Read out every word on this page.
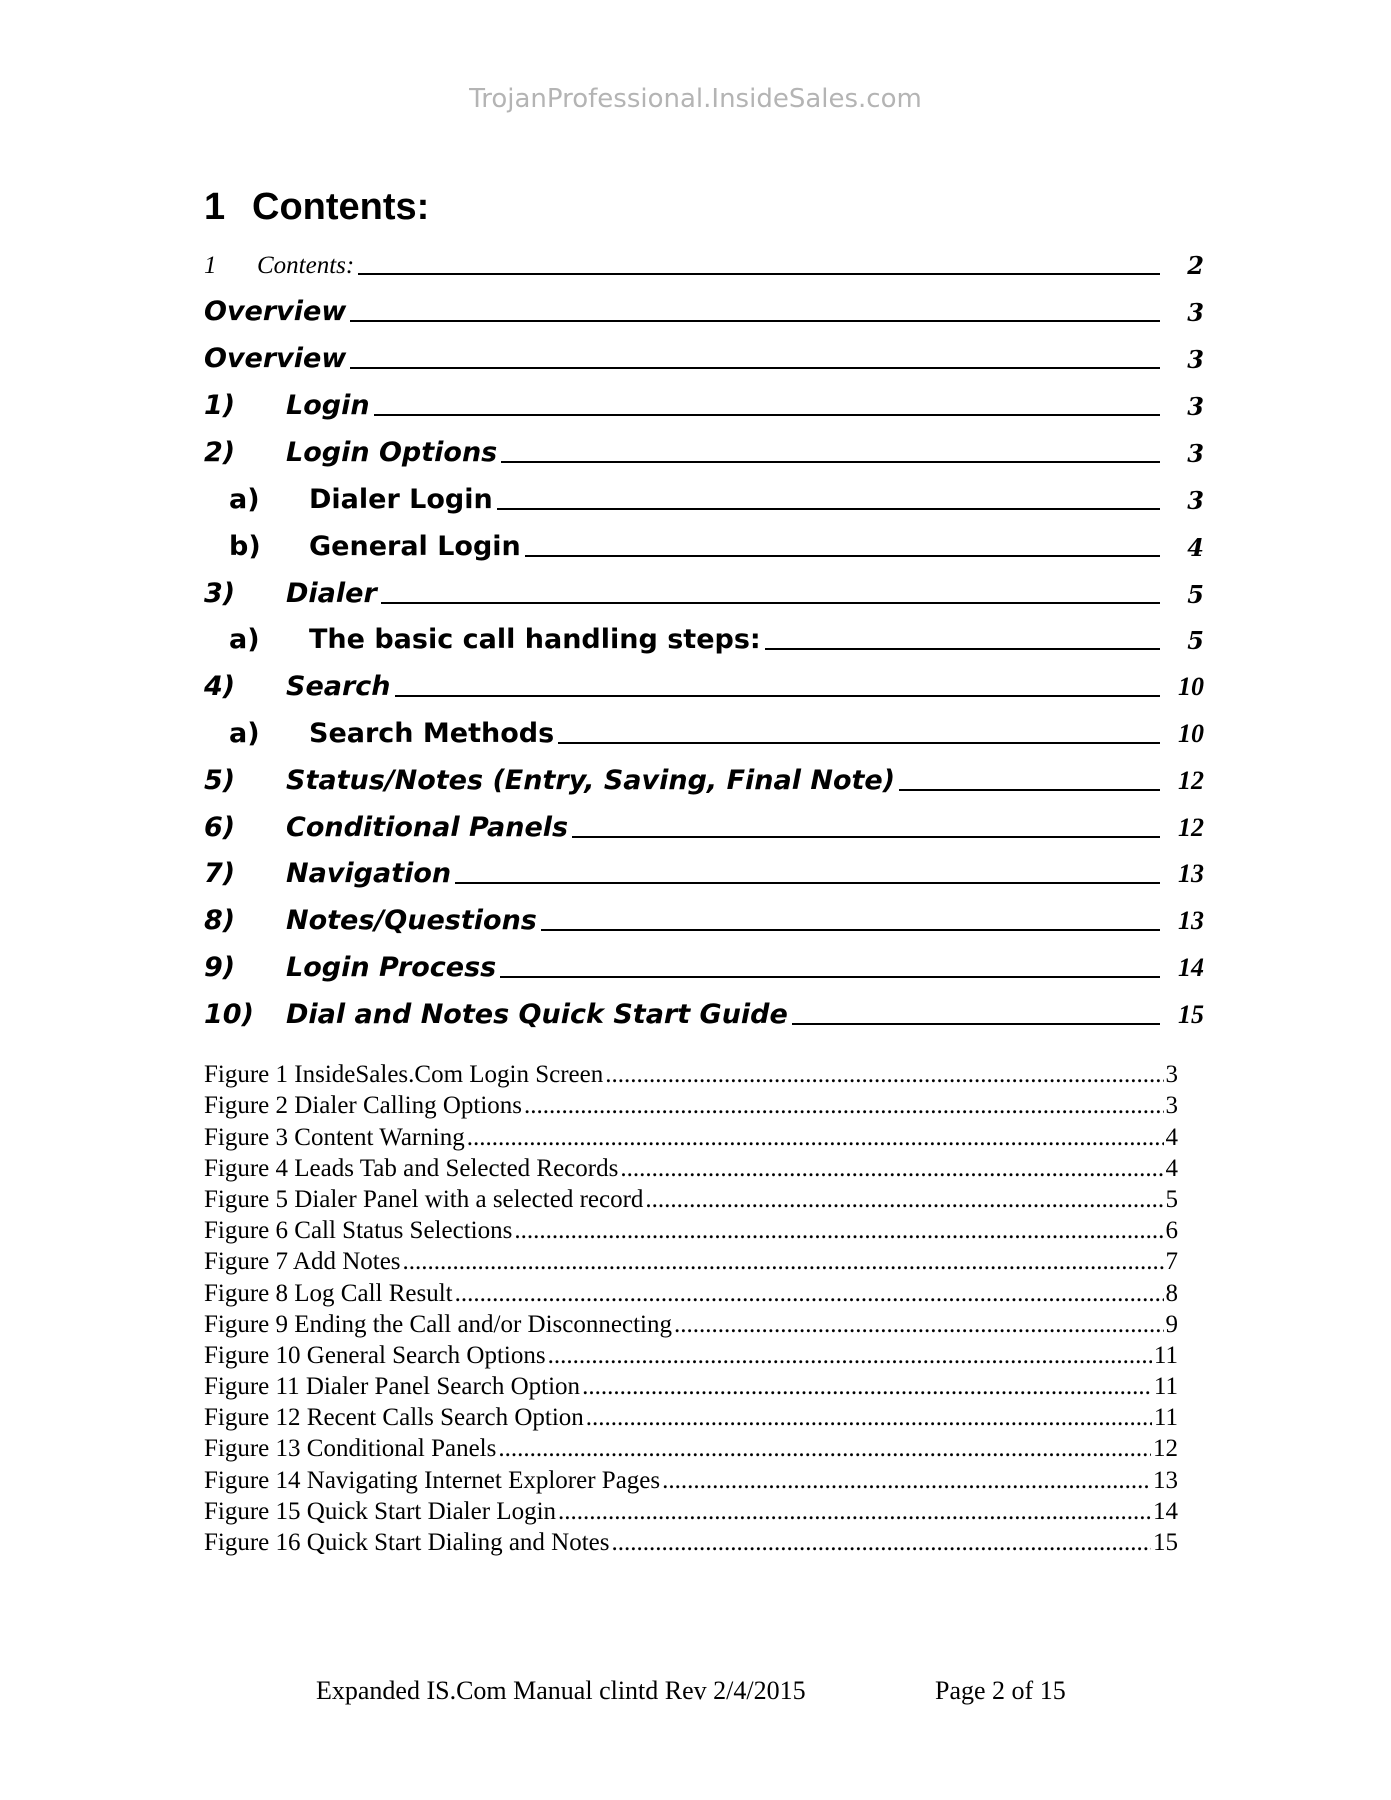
TrojanProfessional.InsideSales.com
1 Contents:
1	Contents:	2
Overview	3
Overview	3
1)	Login	3
2)	Login Options	3
a)	Dialer Login	3
b)	General Login	4
3)	Dialer	5
a)	The basic call handling steps:	5
4)	Search	10
a)	Search Methods	10
5)	Status/Notes (Entry, Saving, Final Note)	12
6)	Conditional Panels	12
7)	Navigation	13
8)	Notes/Questions	13
9)	Login Process	14
10)	Dial and Notes Quick Start Guide	15
Figure 1 InsideSales.Com Login Screen .....	3
Figure 2 Dialer Calling Options .....	3
Figure 3 Content Warning .....	4
Figure 4 Leads Tab and Selected Records .....	4
Figure 5 Dialer Panel with a selected record .....	5
Figure 6 Call Status Selections .....	6
Figure 7 Add Notes .....	7
Figure 8 Log Call Result .....	8
Figure 9 Ending the Call and/or Disconnecting .....	9
Figure 10 General Search Options .....	11
Figure 11 Dialer Panel Search Option .....	11
Figure 12 Recent Calls Search Option .....	11
Figure 13 Conditional Panels .....	12
Figure 14 Navigating Internet Explorer Pages .....	13
Figure 15 Quick Start Dialer Login .....	14
Figure 16 Quick Start Dialing and Notes .....	15
Expanded IS.Com Manual clintd Rev 2/4/2015	Page 2 of 15
